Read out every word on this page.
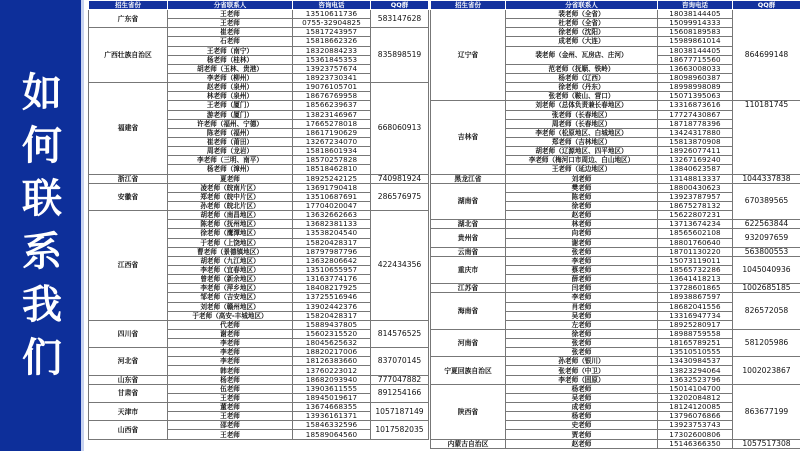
如
何
联
系
我
们
招生省份	分省联系人	咨询电话	QQ群
广东省	王老师	13510611736	583147628
	王老师	0755-32904825	
广西壮族自治区	崔老师	15817243957	835898519
	石老师	15818662326	
	王老师（南宁）	18320884233	
	杨老师（桂林）	15361845353	
	胡老师（玉林、贵港）	13923757674	
	李老师（柳州）	18923730341	
福建省	赵老师（泉州）	19076105701	668060913
	林老师（泉州）	18676769958	
	王老师（厦门）	18566239637	
	游老师（厦门）	13823146967	
	许老师（福州、宁德）	17665278018	
	陈老师（福州）	18617190629	
	崔老师（莆田）	13267234070	
	周老师（龙岩）	15818601934	
	李老师（三明、南平）	18570257828	
	杨老师（漳州）	18518462810	
浙江省	夏老师	18925242125	740981924
安徽省	凌老师（皖南片区）	13691790418	286576975
	郑老师（皖中片区）	13510687691	
	孙老师（皖北片区）	17704020047	
江西省	胡老师（南昌地区）	13632662663	422434356
	陈老师（抚州地区）	13682381133	
	徐老师（鹰潭地区）	13538204540	
	于老师（上饶地区）	15820428317	
	曹老师（景德镇地区）	18797987796	
	胡老师（九江地区）	13632806642	
	李老师（宜春地区）	13510655957	
	曾老师（新余地区）	13163774176	
	李老师（萍乡地区）	18408217925	
	邹老师（吉安地区）	13725516946	
	刘老师（赣州地区）	13902442376	
	于老师（高安-丰城地区）	15820428317	
四川省	代老师	15889437805	814576525
	谢老师	15602315520	
	李老师	18045625632	
河北省	李老师	18820217006	837070145
	李老师	18126383660	
	韩老师	13760223012	
山东省	杨老师	18682093940	777047882
甘肃省	伍老师	13903611555	891254166
	王老师	18945019617	
天津市	董老师	13674668355	1057187149
	王老师	13936161371	
山西省	邵老师	15846332596	1017582035
	王老师	18589064560	
招生省份	分省联系人	咨询电话	QQ群
辽宁省	裴老师（全省）	18038144405	864699148
	杜老师（全省）	15099914333	
	徐老师（沈阳）	15608189583	
	成老师（大连）	15989861014	
	裴老师（金州、瓦房店、庄河）	18038144405	
		18677715560	
	范老师（抚顺、铁岭）	13663008033	
	杨老师（辽西）	18098960387	
	徐老师（丹东）	18998998089	
	张老师（鞍山、营口）	15071395063	
吉林省	刘老师（总体负责兼长春地区）	13316873616	110181745
	张老师（长春地区）	17727430867	
	周老师（长春地区）	18718778396	
	李老师（松原地区、白城地区）	13424317880	
	郑老师（吉林地区）	15813870908	
	胡老师（辽源地区、四平地区）	18926077411	
	李老师（梅河口市周边、白山地区）	13267169240	
	王老师（延边地区）	13840623587	
黑龙江省	刘老师	13148813337	1044337838
湖南省	樊老师	18800430623	670389565
	陈老师	13923787957	
	徐老师	18675278132	
	赵老师	15622807231	
湖北省	林老师	13713674234	622563844
贵州省	向老师	18565602108	932097659
	谢老师	18801760640	
云南省	张老师	18701130220	563800553
重庆市	李老师	15073119011	1045040936
	蔡老师	18565732286	
	薛老师	13641418213	
江苏省	闫老师	13728601865	1002685185
海南省	李老师	18938867597	826572058
	肖老师	18682041556	
	吴老师	13316947734	
	左老师	18925280917	
河南省	徐老师	18988759558	581205986
	张老师	18165789251	
	张老师	13510510555	
宁夏回族自治区	孙老师（银川）	13430984537	1002023867
	张老师（中卫）	13823294064	
	李老师（固原）	13632523796	
陕西省	杨老师	15014104700	863677199
	吴老师	13202084812	
	成老师	18124120085	
	杨老师	13796076866	
	史老师	13923753743	
	贾老师	17302600806	
内蒙古自治区	赵老师	15146366350	1057517308
